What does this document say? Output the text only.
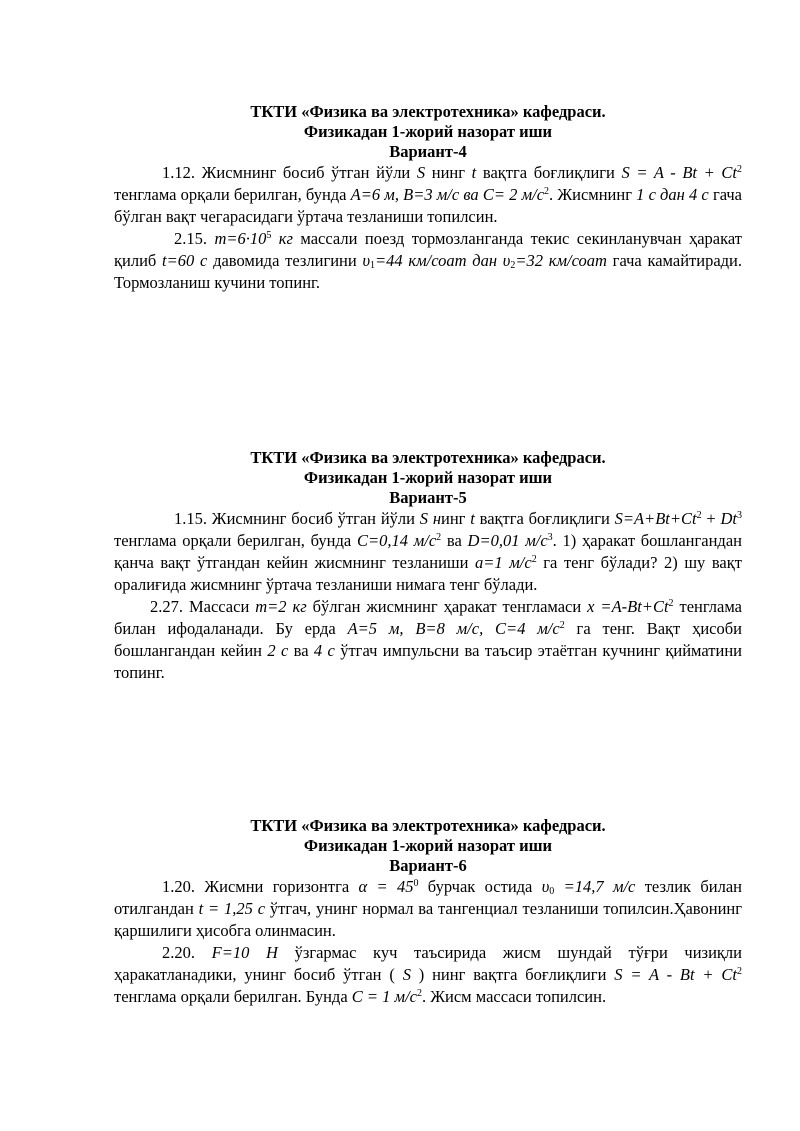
ТКТИ «Физика ва электротехника» кафедраси.
Физикадан 1-жорий назорат иши
Вариант-4

1.12. Жисмнинг босиб ўтган йўли S нинг t вақтга боғлиқлиги $S = A - Bt + Ct^2$ тенглама орқали берилган, бунда A=6 м, B=3 м/с ва C= 2 $м/с^2$. Жисмнинг 1 с дан 4 с гача бўлган вақт чегарасидаги ўртача тезланиши топилсин.

2.15. $m=6\cdot 10^5$ кг массали поезд тормозланганда текис секинланувчан ҳаракат қилиб t=60 с давомида тезлигини $\upsilon_1=44$ км/соат дан $\upsilon_2=32$ км/соат гача камайтиради. Тормозланиш кучини топинг.

ТКТИ «Физика ва электротехника» кафедраси.
Физикадан 1-жорий назорат иши
Вариант-5

1.15. Жисмнинг босиб ўтган йўли S нинг t вақтга боғлиқлиги $S=A+Bt+Ct^2 + Dt^3$ тенглама орқали берилган, бунда C=0,14 $м/с^2$ ва D=0,01 $м/с^3$. 1) ҳаракат бошлангандан қанча вақт ўтгандан кейин жисмнинг тезланиши a=1 $м/с^2$ га тенг бўлади? 2) шу вақт оралиғида жисмнинг ўртача тезланиши нимага тенг бўлади.

2.27. Массаси m=2 кг бўлган жисмнинг ҳаракат тенгламаси $х =A-Bt+Ct^2$ тенглама билан ифодаланади. Бу ерда A=5 м, B=8 м/с, C=4 $м/с^2$ га тенг. Вақт ҳисоби бошлангандан кейин 2 с ва 4 с ўтгач импульсни ва таъсир этаётган кучнинг қийматини топинг.

ТКТИ «Физика ва электротехника» кафедраси.
Физикадан 1-жорий назорат иши
Вариант-6

1.20. Жисмни горизонтга $\alpha = 45^0$ бурчак остида $\upsilon_0 =14,7$ м/с тезлик билан отилгандан t = 1,25 с ўтгач, унинг нормал ва тангенциал тезланиши топилсин.Ҳавонинг қаршилиги ҳисобга олинмасин.

2.20. F=10 Н ўзгармас куч таъсирида жисм шундай тўғри чизиқли ҳаракатланадики, унинг босиб ўтган ( S ) нинг вақтга боғлиқлиги $S = A - Bt + Ct^2$ тенглама орқали берилган. Бунда С = 1 $м/с^2$. Жисм массаси топилсин.
